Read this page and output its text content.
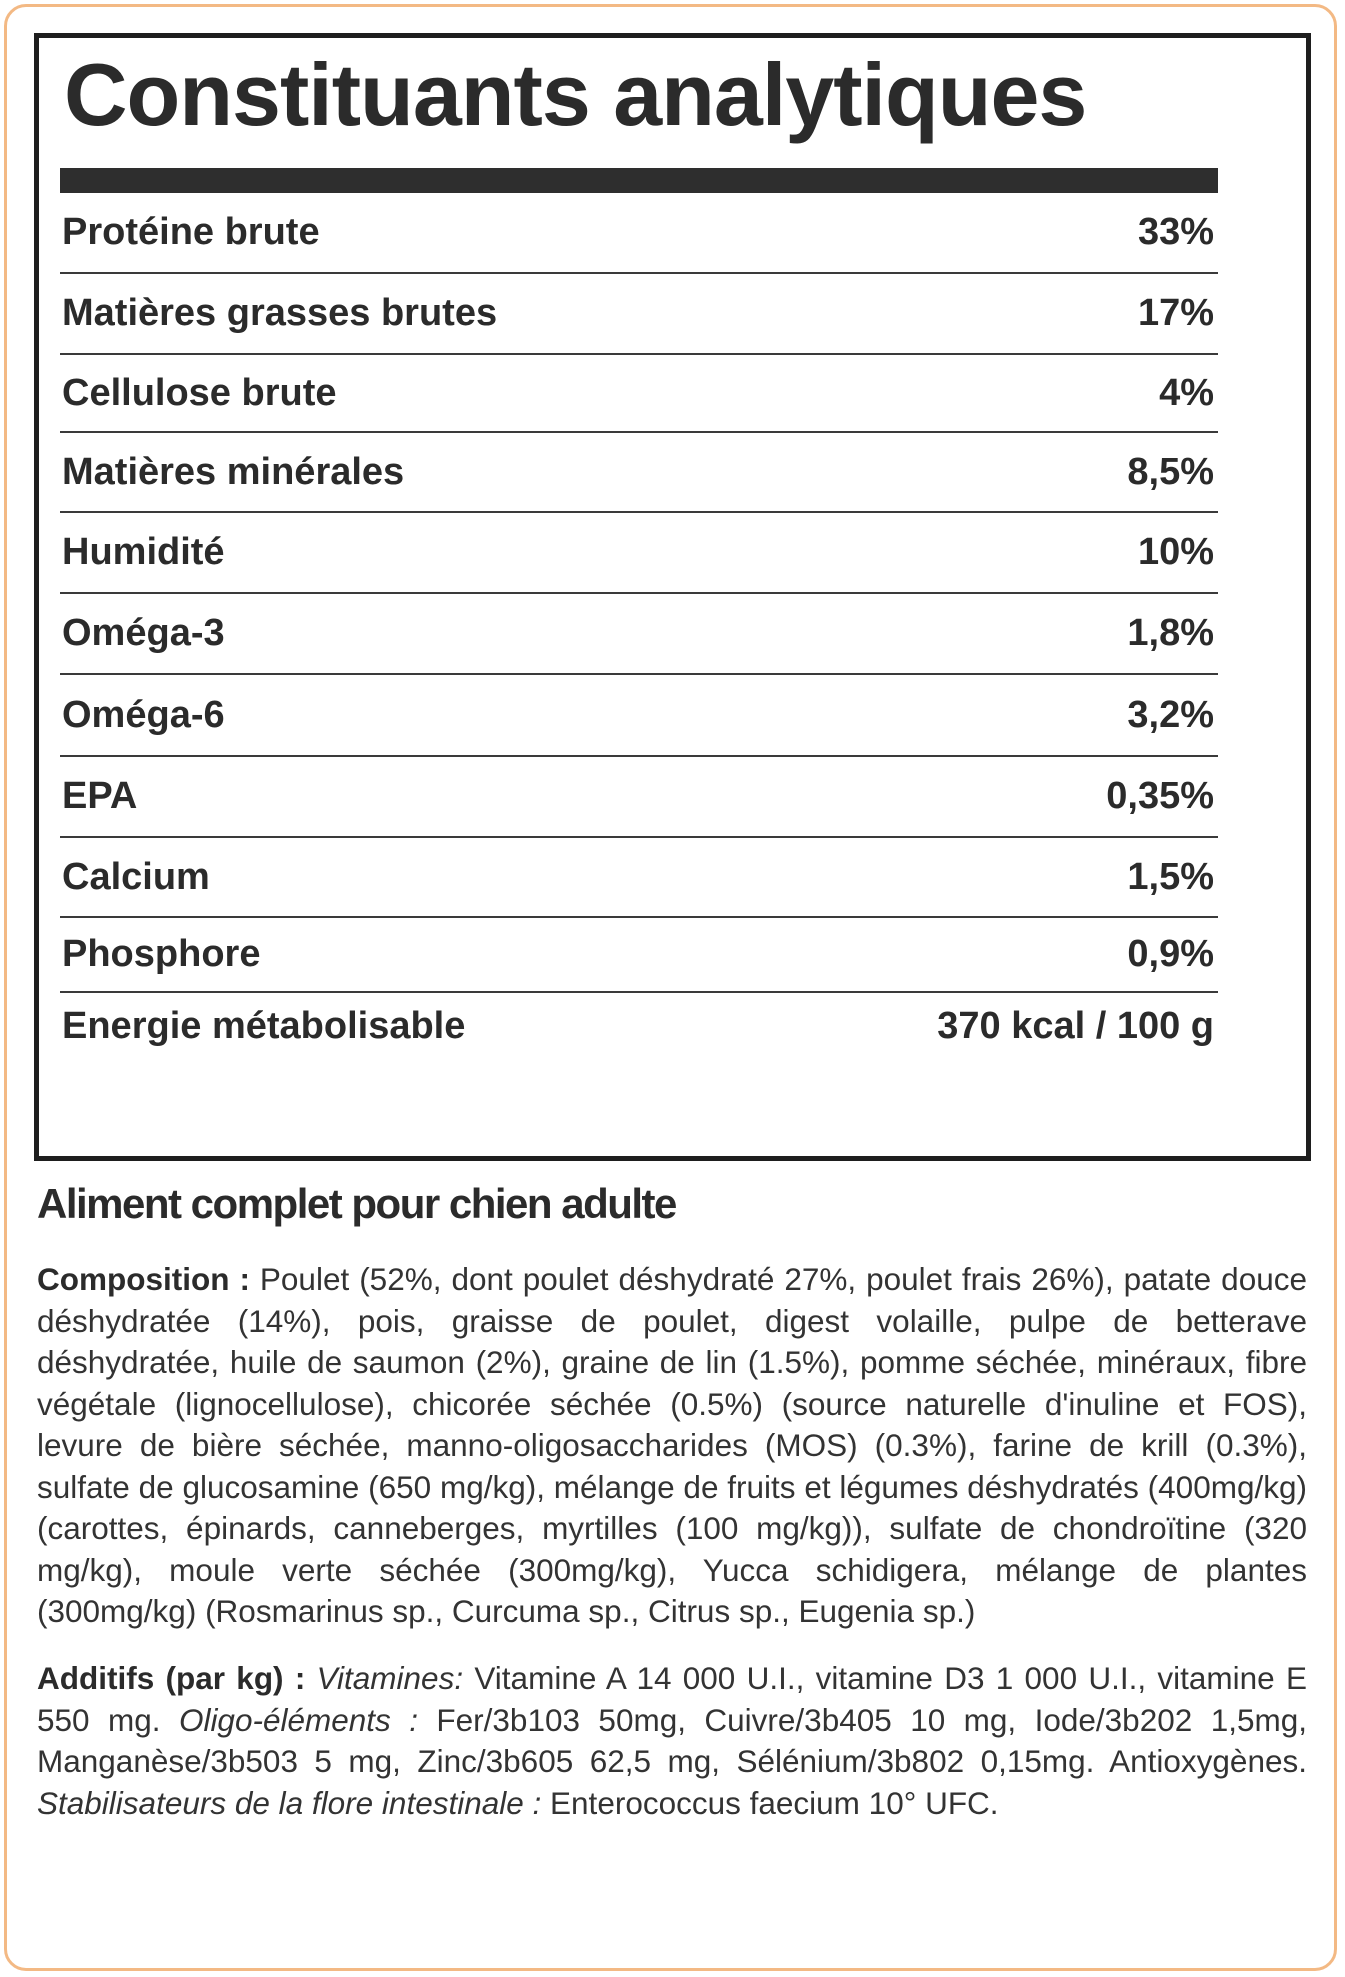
Constituants analytiques
Protéine brute	33%
Matières grasses brutes	17%
Cellulose brute	4%
Matières minérales	8,5%
Humidité	10%
Oméga-3	1,8%
Oméga-6	3,2%
EPA	0,35%
Calcium	1,5%
Phosphore	0,9%
Energie métabolisable	370 kcal / 100 g
Aliment complet pour chien adulte

Composition : Poulet (52%, dont poulet déshydraté 27%, poulet frais 26%), patate douce déshydratée (14%), pois, graisse de poulet, digest volaille, pulpe de betterave déshydratée, huile de saumon (2%), graine de lin (1.5%), pomme séchée, minéraux, fibre végétale (lignocellulose), chicorée séchée (0.5%) (source naturelle d'inuline et FOS), levure de bière séchée, manno-oligosaccharides (MOS) (0.3%), farine de krill (0.3%), sulfate de glucosamine (650 mg/kg), mélange de fruits et légumes déshydratés (400mg/kg) (carottes, épinards, canneberges, myrtilles (100 mg/kg)), sulfate de chondroïtine (320 mg/kg), moule verte séchée (300mg/kg), Yucca schidigera, mélange de plantes (300mg/kg) (Rosmarinus sp., Curcuma sp., Citrus sp., Eugenia sp.)

Additifs (par kg) : Vitamines: Vitamine A 14 000 U.I., vitamine D3 1 000 U.I., vitamine E 550 mg. Oligo-éléments : Fer/3b103 50mg, Cuivre/3b405 10 mg, Iode/3b202 1,5mg, Manganèse/3b503 5 mg, Zinc/3b605 62,5 mg, Sélénium/3b802 0,15mg. Antioxygènes. Stabilisateurs de la flore intestinale : Enterococcus faecium 10° UFC.
